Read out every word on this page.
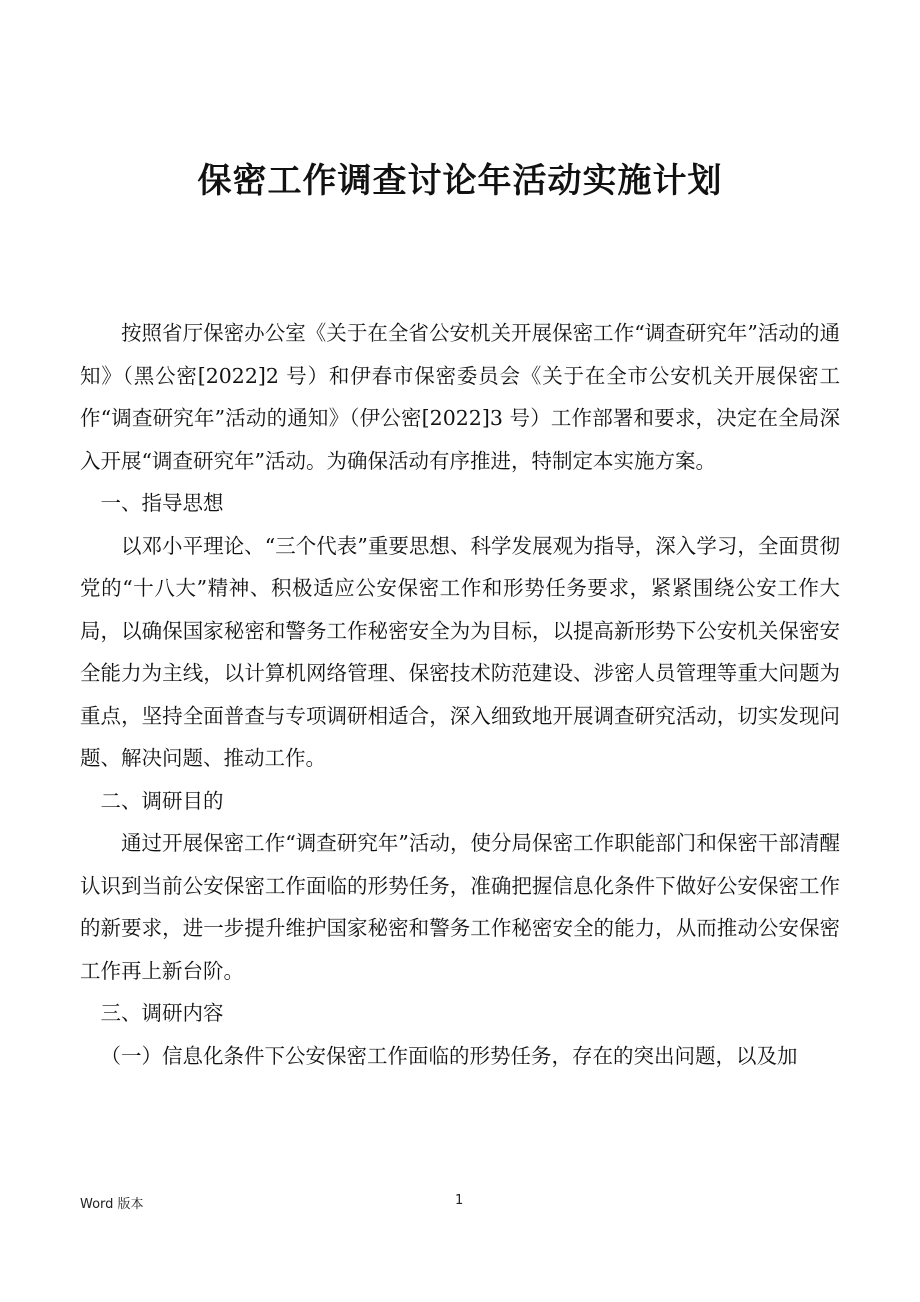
保密工作调查讨论年活动实施计划

按照省厅保密办公室《关于在全省公安机关开展保密工作“调查研究年”活动的通知》（黑公密[2022]2 号）和伊春市保密委员会《关于在全市公安机关开展保密工作“调查研究年”活动的通知》（伊公密[2022]3 号）工作部署和要求，决定在全局深入开展“调查研究年”活动。为确保活动有序推进，特制定本实施方案。

一、指导思想

以邓小平理论、“三个代表”重要思想、科学发展观为指导，深入学习，全面贯彻党的“十八大”精神、积极适应公安保密工作和形势任务要求，紧紧围绕公安工作大局，以确保国家秘密和警务工作秘密安全为为目标，以提高新形势下公安机关保密安全能力为主线，以计算机网络管理、保密技术防范建设、涉密人员管理等重大问题为重点，坚持全面普查与专项调研相适合，深入细致地开展调查研究活动，切实发现问题、解决问题、推动工作。

二、调研目的

通过开展保密工作“调查研究年”活动，使分局保密工作职能部门和保密干部清醒认识到当前公安保密工作面临的形势任务，准确把握信息化条件下做好公安保密工作的新要求，进一步提升维护国家秘密和警务工作秘密安全的能力，从而推动公安保密工作再上新台阶。

三、调研内容

（一）信息化条件下公安保密工作面临的形势任务，存在的突出问题，以及加

Word 版本	1
